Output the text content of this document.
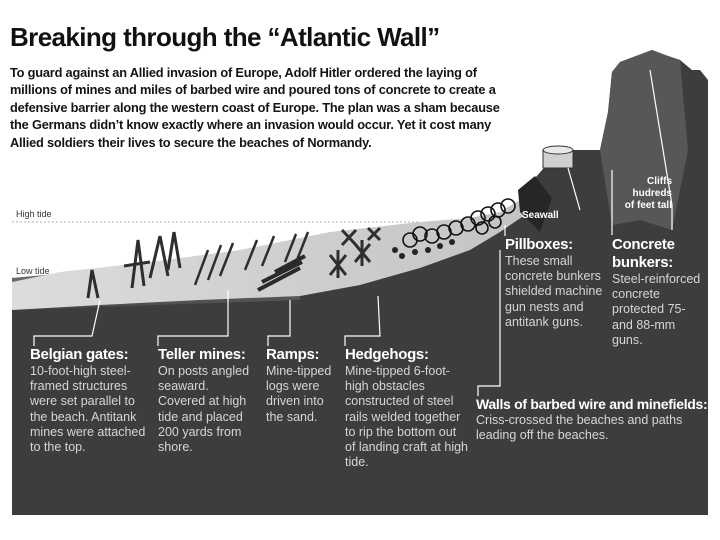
Breaking through the “Atlantic Wall”
To guard against an Allied invasion of Europe, Adolf Hitler ordered the laying of millions of mines and miles of barbed wire and poured tons of concrete to create a defensive barrier along the western coast of Europe. The plan was a sham because the Germans didn’t know exactly where an invasion would occur. Yet it cost many Allied soldiers their lives to secure the beaches of Normandy.
High tide
Low tide
Seawall
Cliffs
hudreds
of feet tall
Pillboxes:
These small concrete bunkers shielded machine gun nests and antitank guns.
Concrete
bunkers:
Steel-reinforced concrete protected 75- and 88-mm guns.
Walls of barbed wire and minefields:
Criss-crossed the beaches and paths leading off the beaches.
Belgian gates:
10-foot-high steel-framed structures were set parallel to the beach. Antitank mines were attached to the top.
Teller mines:
On posts angled seaward. Covered at high tide and placed 200 yards from shore.
Ramps:
Mine-tipped logs were driven into the sand.
Hedgehogs:
Mine-tipped 6-foot-high obstacles constructed of steel rails welded together to rip the bottom out of landing craft at high tide.
